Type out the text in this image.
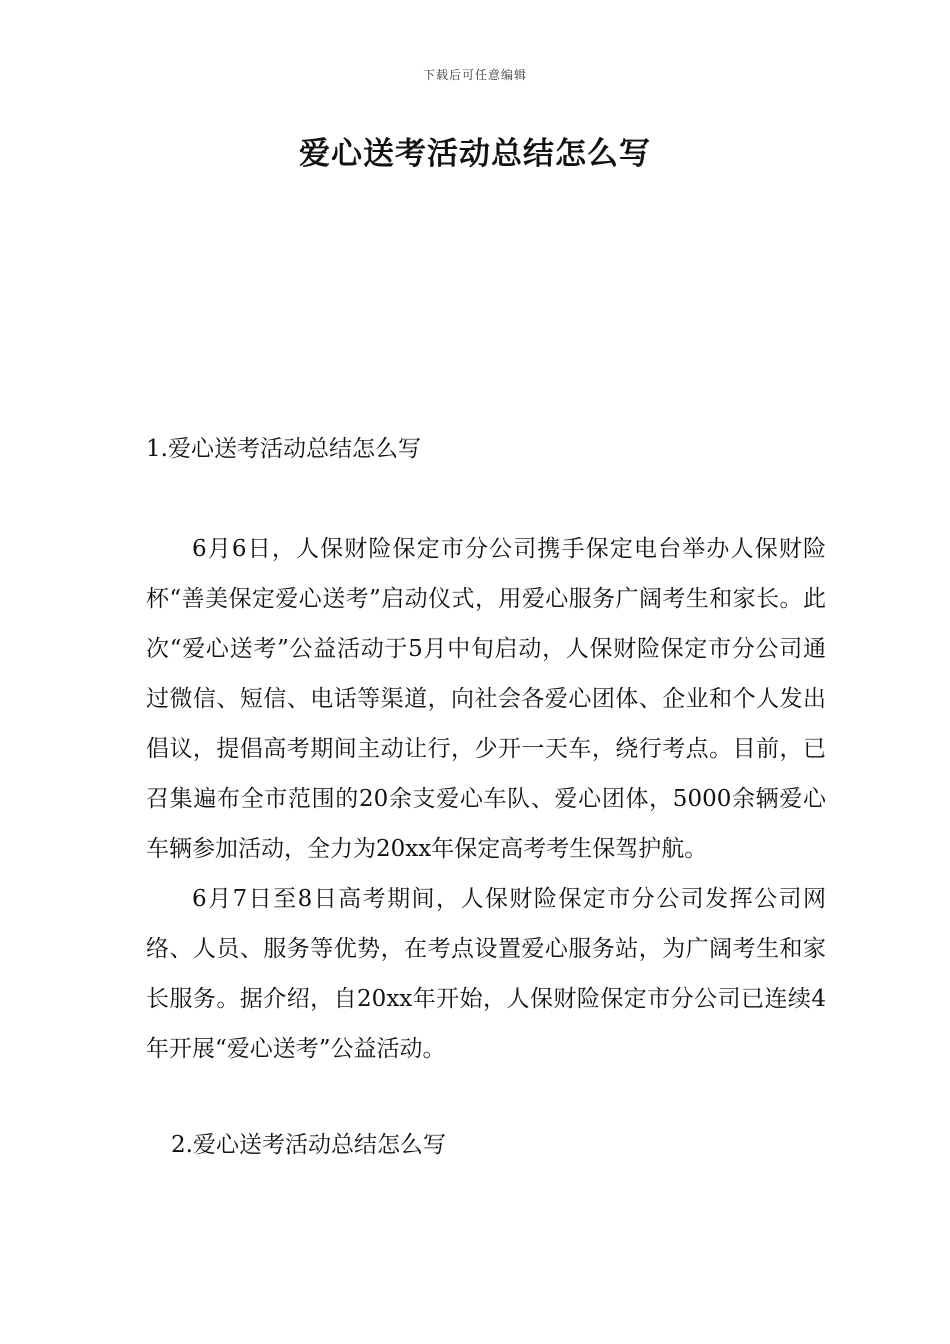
下载后可任意编辑
爱心送考活动总结怎么写
1.爱心送考活动总结怎么写

6月6日，人保财险保定市分公司携手保定电台举办人保财险杯“善美保定爱心送考”启动仪式，用爱心服务广阔考生和家长。此次“爱心送考”公益活动于5月中旬启动，人保财险保定市分公司通过微信、短信、电话等渠道，向社会各爱心团体、企业和个人发出倡议，提倡高考期间主动让行，少开一天车，绕行考点。目前，已召集遍布全市范围的20余支爱心车队、爱心团体，5000余辆爱心车辆参加活动，全力为20xx年保定高考考生保驾护航。

6月7日至8日高考期间，人保财险保定市分公司发挥公司网络、人员、服务等优势，在考点设置爱心服务站，为广阔考生和家长服务。据介绍，自20xx年开始，人保财险保定市分公司已连续4年开展“爱心送考”公益活动。

2.爱心送考活动总结怎么写
